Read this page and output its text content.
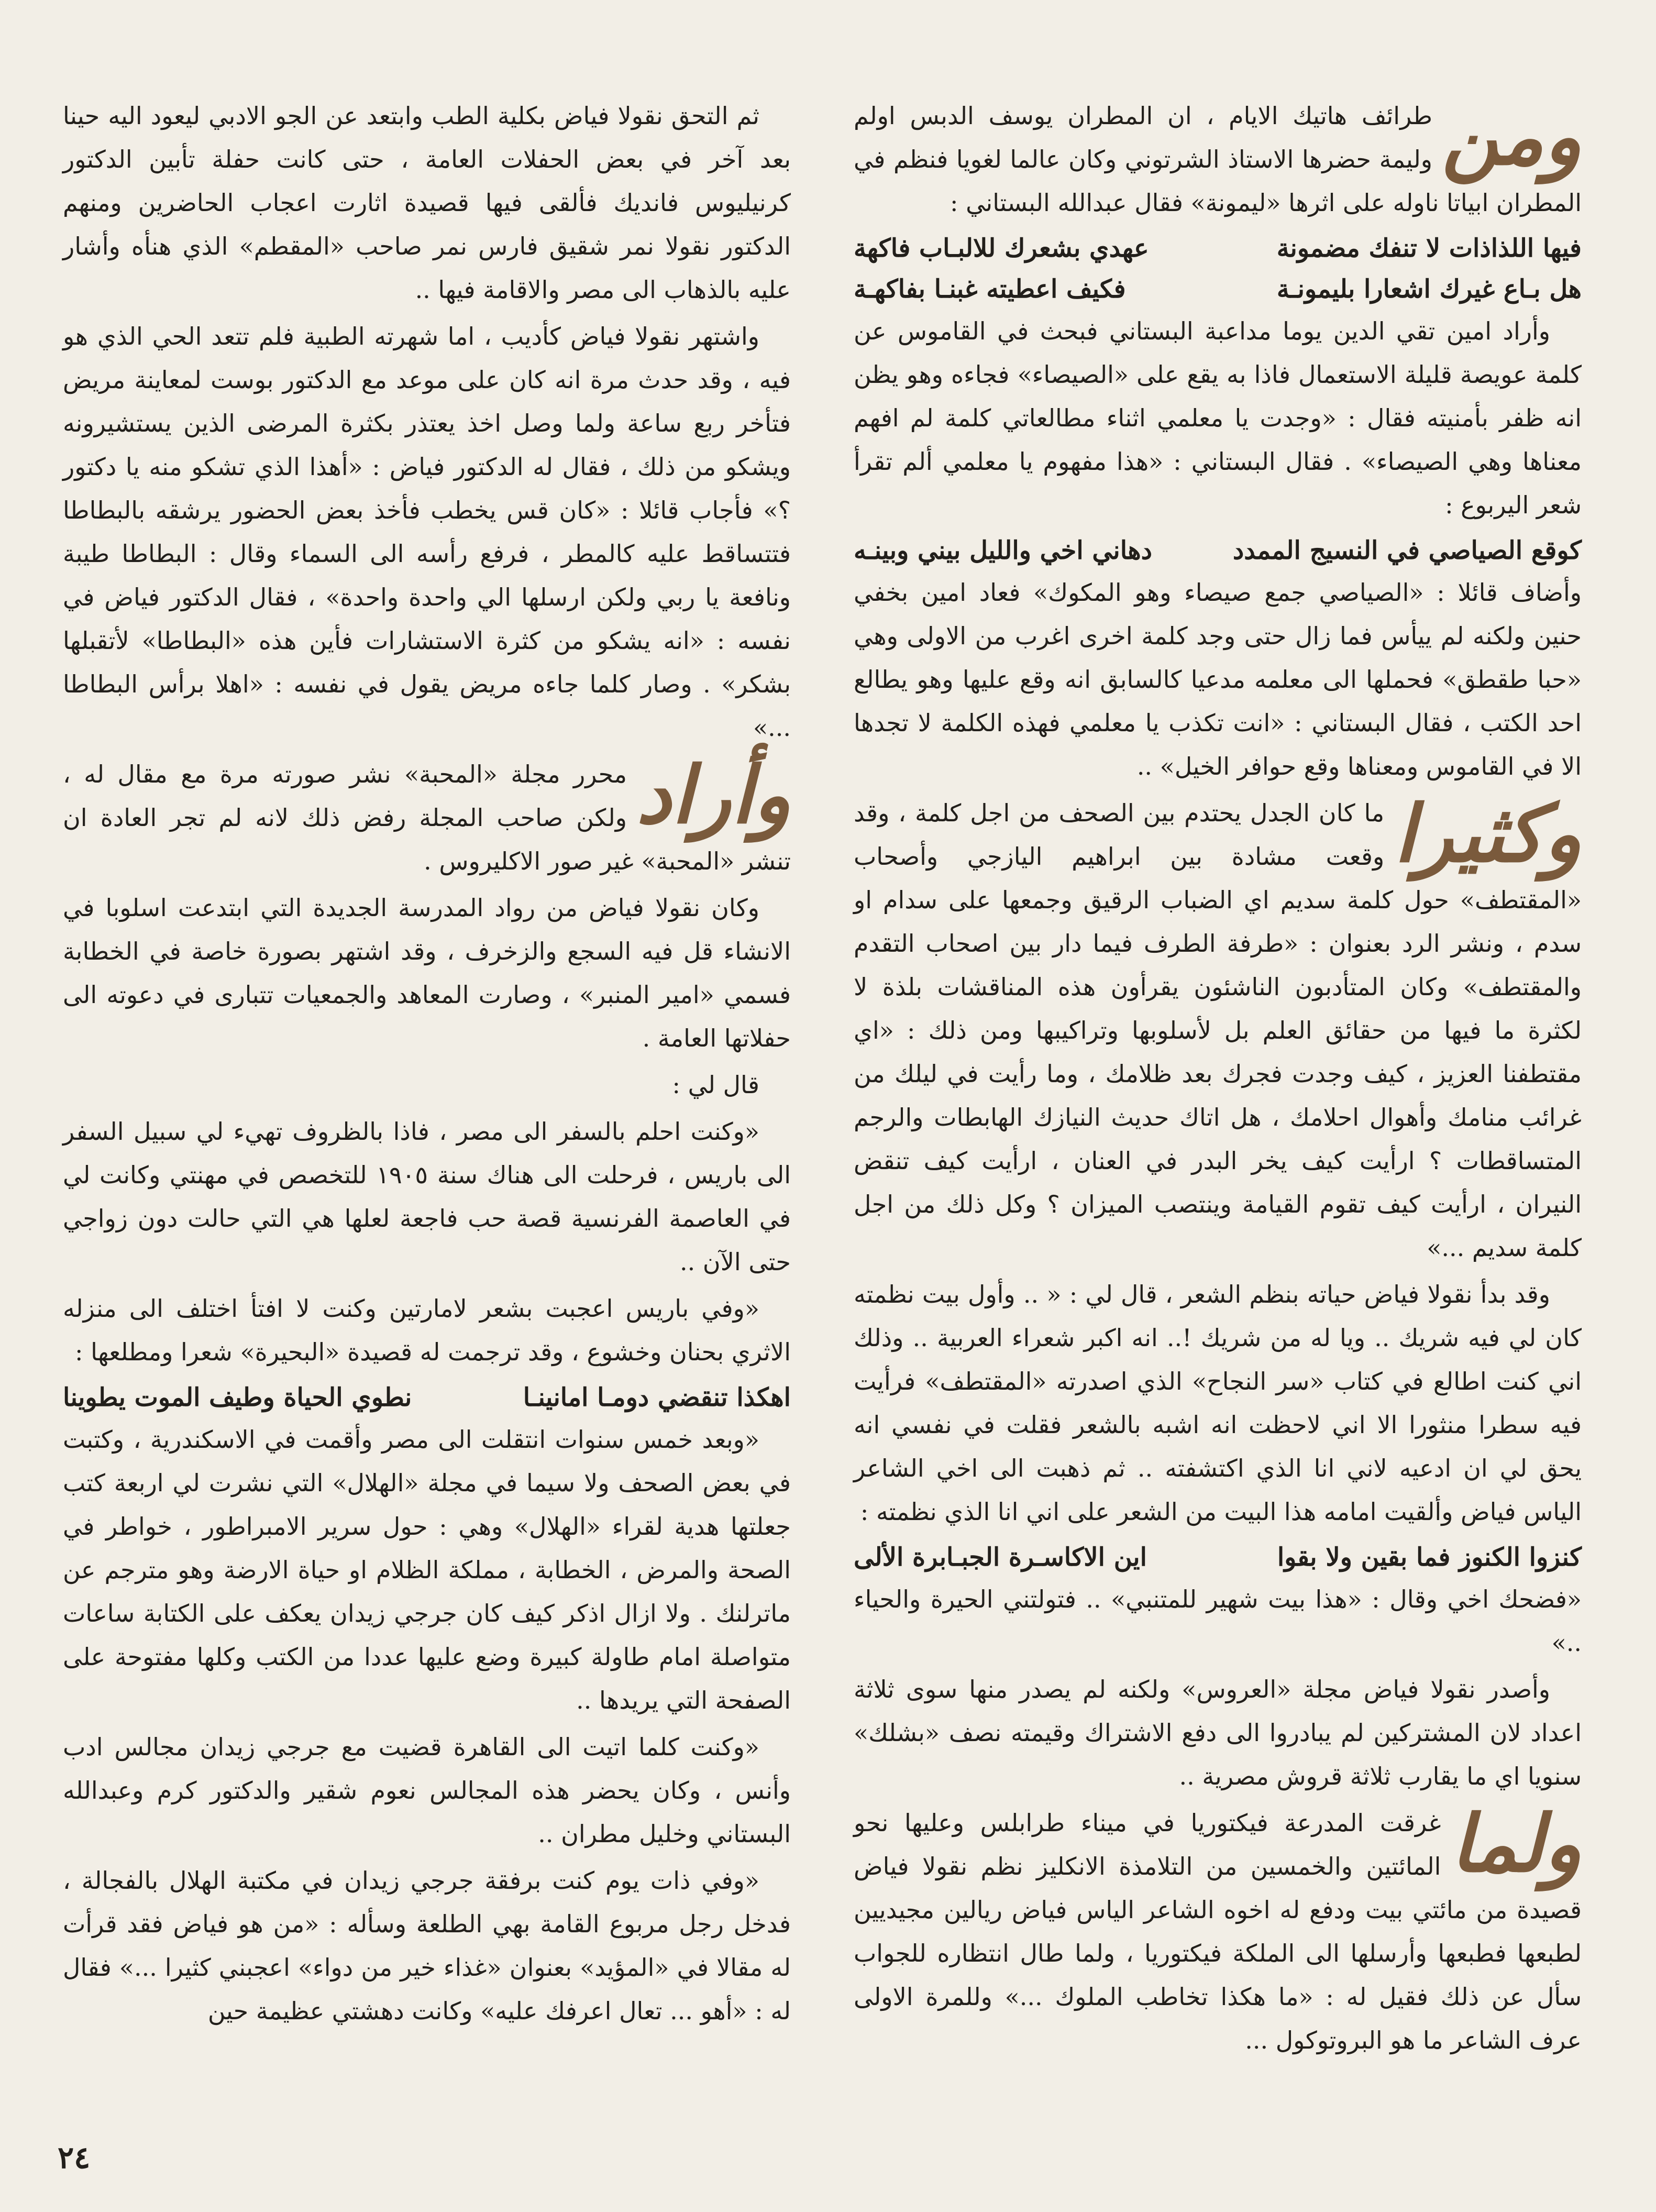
ومن
طرائف هاتيك الايام ، ان المطران يوسف الدبس اولم وليمة حضرها الاستاذ الشرتوني وكان عالما لغويا فنظم في المطران ابياتا ناوله على اثرها «ليمونة» فقال عبدالله البستاني :

فيها اللذاذات لا تنفك مضمونة
عهدي بشعرك للالبـاب فاكهة
هل بـاع غيرك اشعارا بليمونـة
فكيف اعطيته غبنـا بفاكهـة

وأراد امين تقي الدين يوما مداعبة البستاني فبحث في القاموس عن كلمة عويصة قليلة الاستعمال فاذا به يقع على «الصيصاء» فجاءه وهو يظن انه ظفر بأمنيته فقال : «وجدت يا معلمي اثناء مطالعاتي كلمة لم افهم معناها وهي الصيصاء» . فقال البستاني : «هذا مفهوم يا معلمي ألم تقرأ شعر اليربوع :

كوقع الصياصي في النسيج الممدد
دهاني اخي والليل بيني وبينـه

وأضاف قائلا : «الصياصي جمع صيصاء وهو المكوك» فعاد امين بخفي حنين ولكنه لم ييأس فما زال حتى وجد كلمة اخرى اغرب من الاولى وهي «حبا طقطق» فحملها الى معلمه مدعيا كالسابق انه وقع عليها وهو يطالع احد الكتب ، فقال البستاني : «انت تكذب يا معلمي فهذه الكلمة لا تجدها الا في القاموس ومعناها وقع حوافر الخيل» ..

وكثيرا
ما كان الجدل يحتدم بين الصحف من اجل كلمة ، وقد وقعت مشادة بين ابراهيم اليازجي وأصحاب «المقتطف» حول كلمة سديم اي الضباب الرقيق وجمعها على سدام او سدم ، ونشر الرد بعنوان : «طرفة الطرف فيما دار بين اصحاب التقدم والمقتطف» وكان المتأدبون الناشئون يقرأون هذه المناقشات بلذة لا لكثرة ما فيها من حقائق العلم بل لأسلوبها وتراكيبها ومن ذلك : «اي مقتطفنا العزيز ، كيف وجدت فجرك بعد ظلامك ، وما رأيت في ليلك من غرائب منامك وأهوال احلامك ، هل اتاك حديث النيازك الهابطات والرجم المتساقطات ؟ ارأيت كيف يخر البدر في العنان ، ارأيت كيف تنقض النيران ، ارأيت كيف تقوم القيامة وينتصب الميزان ؟ وكل ذلك من اجل كلمة سديم ...»

وقد بدأ نقولا فياض حياته بنظم الشعر ، قال لي : « .. وأول بيت نظمته كان لي فيه شريك .. ويا له من شريك !.. انه اكبر شعراء العربية .. وذلك اني كنت اطالع في كتاب «سر النجاح» الذي اصدرته «المقتطف» فرأيت فيه سطرا منثورا الا اني لاحظت انه اشبه بالشعر فقلت في نفسي انه يحق لي ان ادعيه لاني انا الذي اكتشفته .. ثم ذهبت الى اخي الشاعر الياس فياض وألقيت امامه هذا البيت من الشعر على اني انا الذي نظمته :

كنزوا الكنوز فما بقين ولا بقوا
اين الاكاسـرة الجبـابرة الألى

«فضحك اخي وقال : «هذا بيت شهير للمتنبي» .. فتولتني الحيرة والحياء ..»

وأصدر نقولا فياض مجلة «العروس» ولكنه لم يصدر منها سوى ثلاثة اعداد لان المشتركين لم يبادروا الى دفع الاشتراك وقيمته نصف «بشلك» سنويا اي ما يقارب ثلاثة قروش مصرية ..

ولما
غرقت المدرعة فيكتوريا في ميناء طرابلس وعليها نحو المائتين والخمسين من التلامذة الانكليز نظم نقولا فياض قصيدة من مائتي بيت ودفع له اخوه الشاعر الياس فياض ريالين مجيديين لطبعها فطبعها وأرسلها الى الملكة فيكتوريا ، ولما طال انتظاره للجواب سأل عن ذلك فقيل له : «ما هكذا تخاطب الملوك ...» وللمرة الاولى عرف الشاعر ما هو البروتوكول ...

ثم التحق نقولا فياض بكلية الطب وابتعد عن الجو الادبي ليعود اليه حينا بعد آخر في بعض الحفلات العامة ، حتى كانت حفلة تأبين الدكتور كرنيليوس فانديك فألقى فيها قصيدة اثارت اعجاب الحاضرين ومنهم الدكتور نقولا نمر شقيق فارس نمر صاحب «المقطم» الذي هنأه وأشار عليه بالذهاب الى مصر والاقامة فيها ..

واشتهر نقولا فياض كأديب ، اما شهرته الطبية فلم تتعد الحي الذي هو فيه ، وقد حدث مرة انه كان على موعد مع الدكتور بوست لمعاينة مريض فتأخر ربع ساعة ولما وصل اخذ يعتذر بكثرة المرضى الذين يستشيرونه ويشكو من ذلك ، فقال له الدكتور فياض : «أهذا الذي تشكو منه يا دكتور ؟» فأجاب قائلا : «كان قس يخطب فأخذ بعض الحضور يرشقه بالبطاطا فتتساقط عليه كالمطر ، فرفع رأسه الى السماء وقال : البطاطا طيبة ونافعة يا ربي ولكن ارسلها الي واحدة واحدة» ، فقال الدكتور فياض في نفسه : «انه يشكو من كثرة الاستشارات فأين هذه «البطاطا» لأتقبلها بشكر» . وصار كلما جاءه مريض يقول في نفسه : «اهلا برأس البطاطا ...»

وأراد
محرر مجلة «المحبة» نشر صورته مرة مع مقال له ، ولكن صاحب المجلة رفض ذلك لانه لم تجر العادة ان تنشر «المحبة» غير صور الاكليروس .

وكان نقولا فياض من رواد المدرسة الجديدة التي ابتدعت اسلوبا في الانشاء قل فيه السجع والزخرف ، وقد اشتهر بصورة خاصة في الخطابة فسمي «امير المنبر» ، وصارت المعاهد والجمعيات تتبارى في دعوته الى حفلاتها العامة .

قال لي :

«وكنت احلم بالسفر الى مصر ، فاذا بالظروف تهيء لي سبيل السفر الى باريس ، فرحلت الى هناك سنة ١٩٠٥ للتخصص في مهنتي وكانت لي في العاصمة الفرنسية قصة حب فاجعة لعلها هي التي حالت دون زواجي حتى الآن ..

«وفي باريس اعجبت بشعر لامارتين وكنت لا افتأ اختلف الى منزله الاثري بحنان وخشوع ، وقد ترجمت له قصيدة «البحيرة» شعرا ومطلعها :

اهكذا تنقضي دومـا امانينـا
نطوي الحياة وطيف الموت يطوينا

«وبعد خمس سنوات انتقلت الى مصر وأقمت في الاسكندرية ، وكتبت في بعض الصحف ولا سيما في مجلة «الهلال» التي نشرت لي اربعة كتب جعلتها هدية لقراء «الهلال» وهي : حول سرير الامبراطور ، خواطر في الصحة والمرض ، الخطابة ، مملكة الظلام او حياة الارضة وهو مترجم عن ماترلنك . ولا ازال اذكر كيف كان جرجي زيدان يعكف على الكتابة ساعات متواصلة امام طاولة كبيرة وضع عليها عددا من الكتب وكلها مفتوحة على الصفحة التي يريدها ..

«وكنت كلما اتيت الى القاهرة قضيت مع جرجي زيدان مجالس ادب وأنس ، وكان يحضر هذه المجالس نعوم شقير والدكتور كرم وعبدالله البستاني وخليل مطران ..

«وفي ذات يوم كنت برفقة جرجي زيدان في مكتبة الهلال بالفجالة ، فدخل رجل مربوع القامة بهي الطلعة وسأله : «من هو فياض فقد قرأت له مقالا في «المؤيد» بعنوان «غذاء خير من دواء» اعجبني كثيرا ...» فقال له : «أهو ... تعال اعرفك عليه» وكانت دهشتي عظيمة حين

٢٤
